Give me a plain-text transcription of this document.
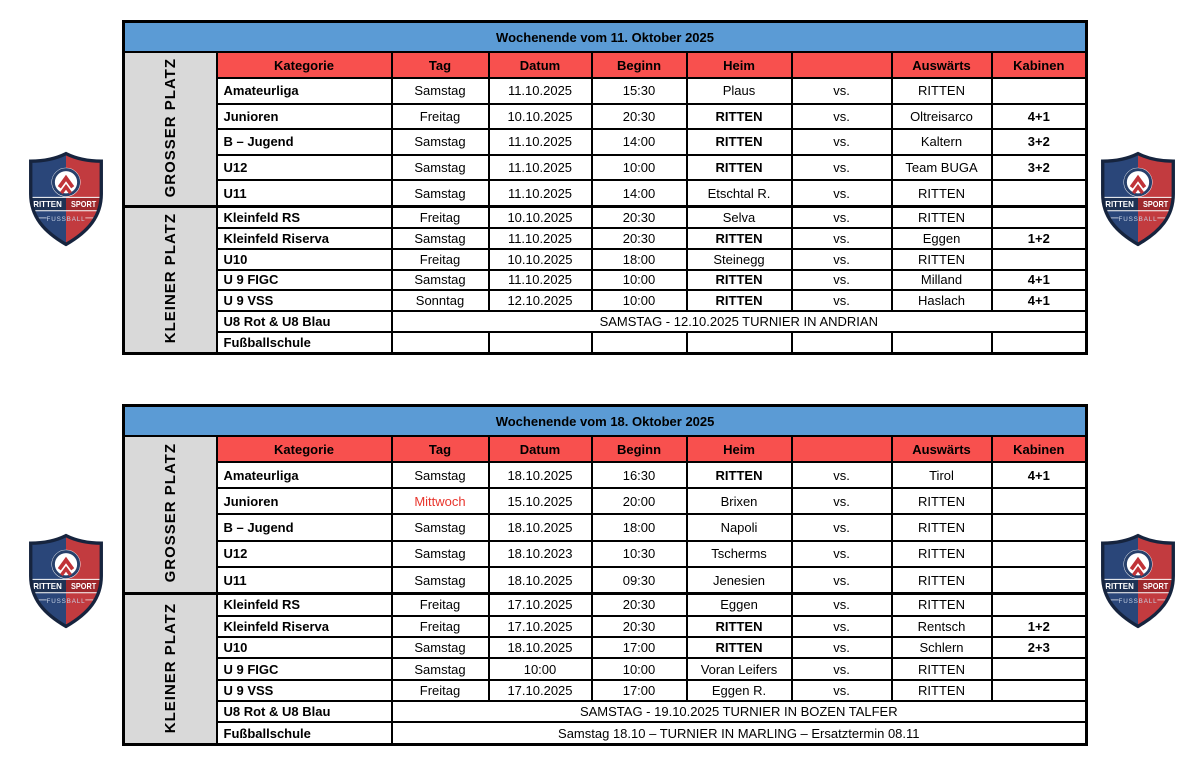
Wochenende vom 11. Oktober 2025								
GROSSER PLATZ	Kategorie	Tag	Datum	Beginn	Heim		Auswärts	Kabinen
	Amateurliga	Samstag	11.10.2025	15:30	Plaus	vs.	RITTEN	
	Junioren	Freitag	10.10.2025	20:30	RITTEN	vs.	Oltreisarco	4+1
	B – Jugend	Samstag	11.10.2025	14:00	RITTEN	vs.	Kaltern	3+2
	U12	Samstag	11.10.2025	10:00	RITTEN	vs.	Team BUGA	3+2
	U11	Samstag	11.10.2025	14:00	Etschtal R.	vs.	RITTEN	
KLEINER PLATZ	Kleinfeld RS	Freitag	10.10.2025	20:30	Selva	vs.	RITTEN	
	Kleinfeld Riserva	Samstag	11.10.2025	20:30	RITTEN	vs.	Eggen	1+2
	U10	Freitag	10.10.2025	18:00	Steinegg	vs.	RITTEN	
	U 9 FIGC	Samstag	11.10.2025	10:00	RITTEN	vs.	Milland	4+1
	U 9 VSS	Sonntag	12.10.2025	10:00	RITTEN	vs.	Haslach	4+1
	U8 Rot & U8 Blau	SAMSTAG - 12.10.2025 TURNIER IN ANDRIAN						
	Fußballschule							
Wochenende vom 18. Oktober 2025								
GROSSER PLATZ	Kategorie	Tag	Datum	Beginn	Heim		Auswärts	Kabinen
	Amateurliga	Samstag	18.10.2025	16:30	RITTEN	vs.	Tirol	4+1
	Junioren	Mittwoch	15.10.2025	20:00	Brixen	vs.	RITTEN	
	B – Jugend	Samstag	18.10.2025	18:00	Napoli	vs.	RITTEN	
	U12	Samstag	18.10.2023	10:30	Tscherms	vs.	RITTEN	
	U11	Samstag	18.10.2025	09:30	Jenesien	vs.	RITTEN	
KLEINER PLATZ	Kleinfeld RS	Freitag	17.10.2025	20:30	Eggen	vs.	RITTEN	
	Kleinfeld Riserva	Freitag	17.10.2025	20:30	RITTEN	vs.	Rentsch	1+2
	U10	Samstag	18.10.2025	17:00	RITTEN	vs.	Schlern	2+3
	U 9 FIGC	Samstag	10:00	10:00	Voran Leifers	vs.	RITTEN	
	U 9 VSS	Freitag	17.10.2025	17:00	Eggen R.	vs.	RITTEN	
	U8 Rot & U8 Blau	SAMSTAG - 19.10.2025 TURNIER IN BOZEN TALFER						
	Fußballschule	Samstag 18.10 – TURNIER IN MARLING – Ersatztermin 08.11						
RITTEN SPORT
FUSSBALL
RITTEN SPORT
FUSSBALL
RITTEN SPORT
FUSSBALL
RITTEN SPORT
FUSSBALL
